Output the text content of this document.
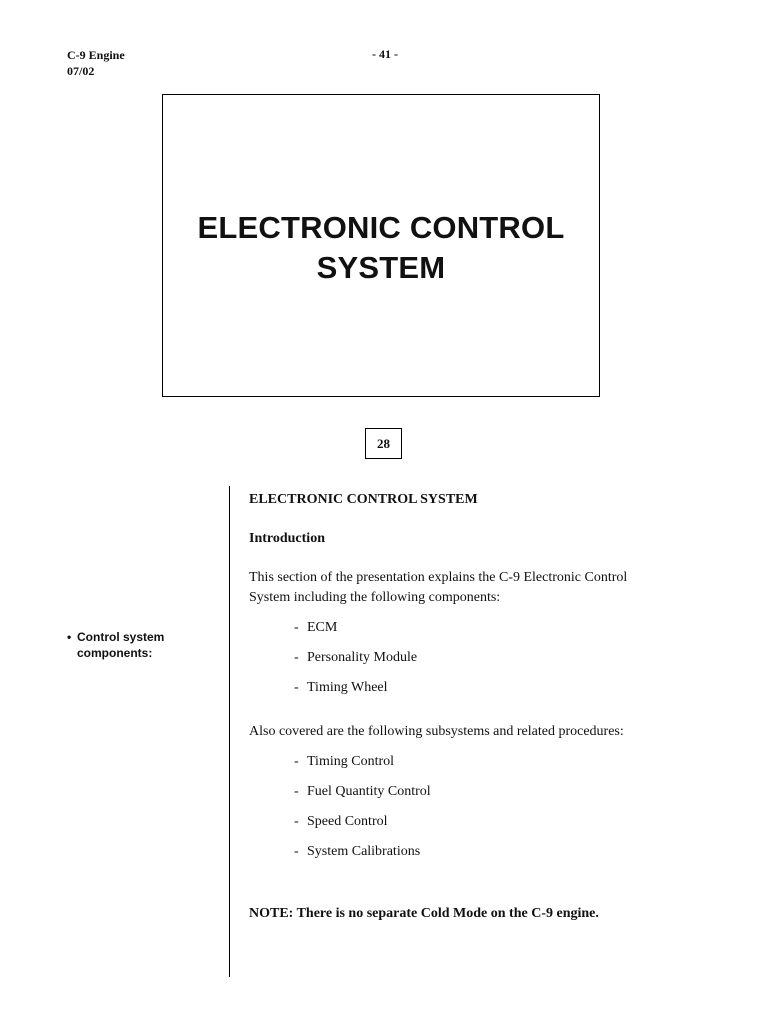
C-9 Engine
07/02
- 41 -
ELECTRONIC CONTROL
SYSTEM
28
• Control system
components:
ELECTRONIC CONTROL SYSTEM
Introduction
This section of the presentation explains the C-9 Electronic Control
System including the following components:
- ECM
- Personality Module
- Timing Wheel
Also covered are the following subsystems and related procedures:
- Timing Control
- Fuel Quantity Control
- Speed Control
- System Calibrations
NOTE: There is no separate Cold Mode on the C-9 engine.
